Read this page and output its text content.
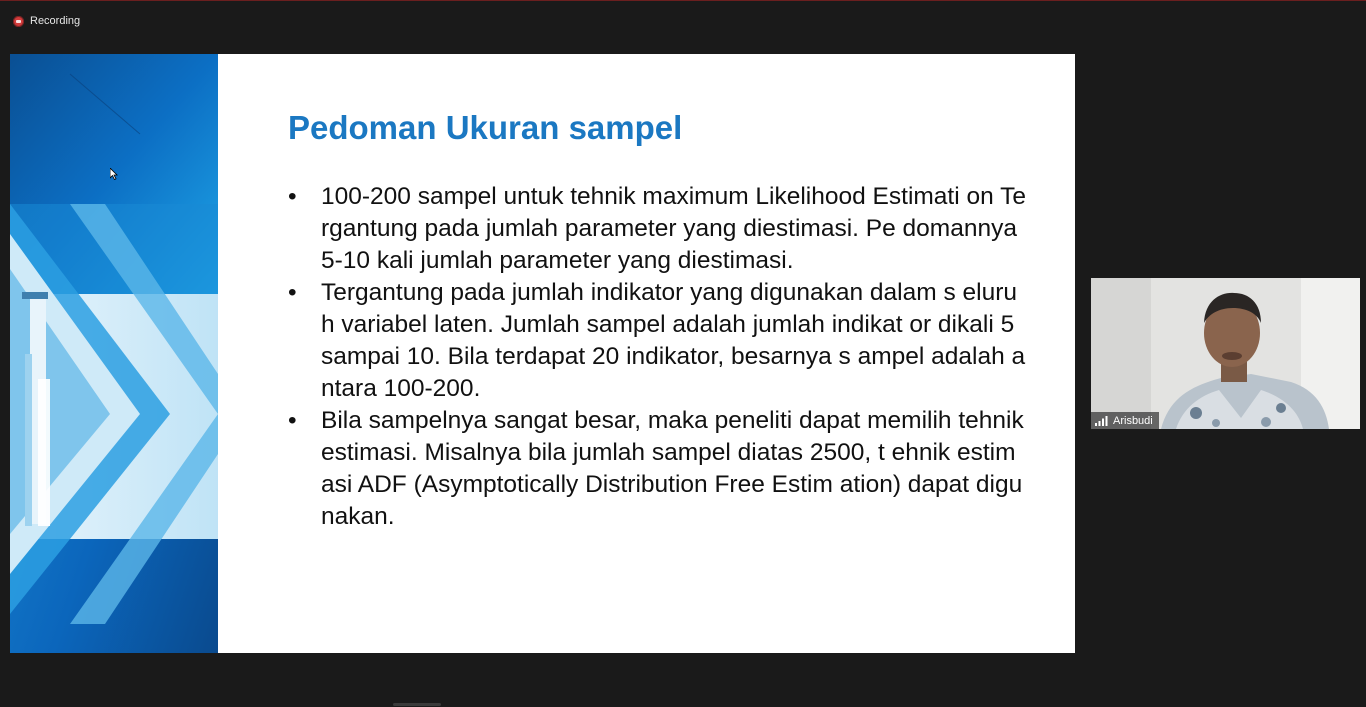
Recording
Pedoman Ukuran sampel
• 100-200 sampel untuk tehnik maximum Likelihood Estimati on Tergantung pada jumlah parameter yang diestimasi. Pe domannya 5-10 kali jumlah parameter yang diestimasi.
• Tergantung pada jumlah indikator yang digunakan dalam s eluruh variabel laten. Jumlah sampel adalah jumlah indikat or dikali 5 sampai 10. Bila terdapat 20 indikator, besarnya s ampel adalah antara 100-200.
• Bila sampelnya sangat besar, maka peneliti dapat memilih tehnik estimasi. Misalnya bila jumlah sampel diatas 2500, t ehnik estimasi ADF (Asymptotically Distribution Free Estim ation) dapat digunakan.
Arisbudi
